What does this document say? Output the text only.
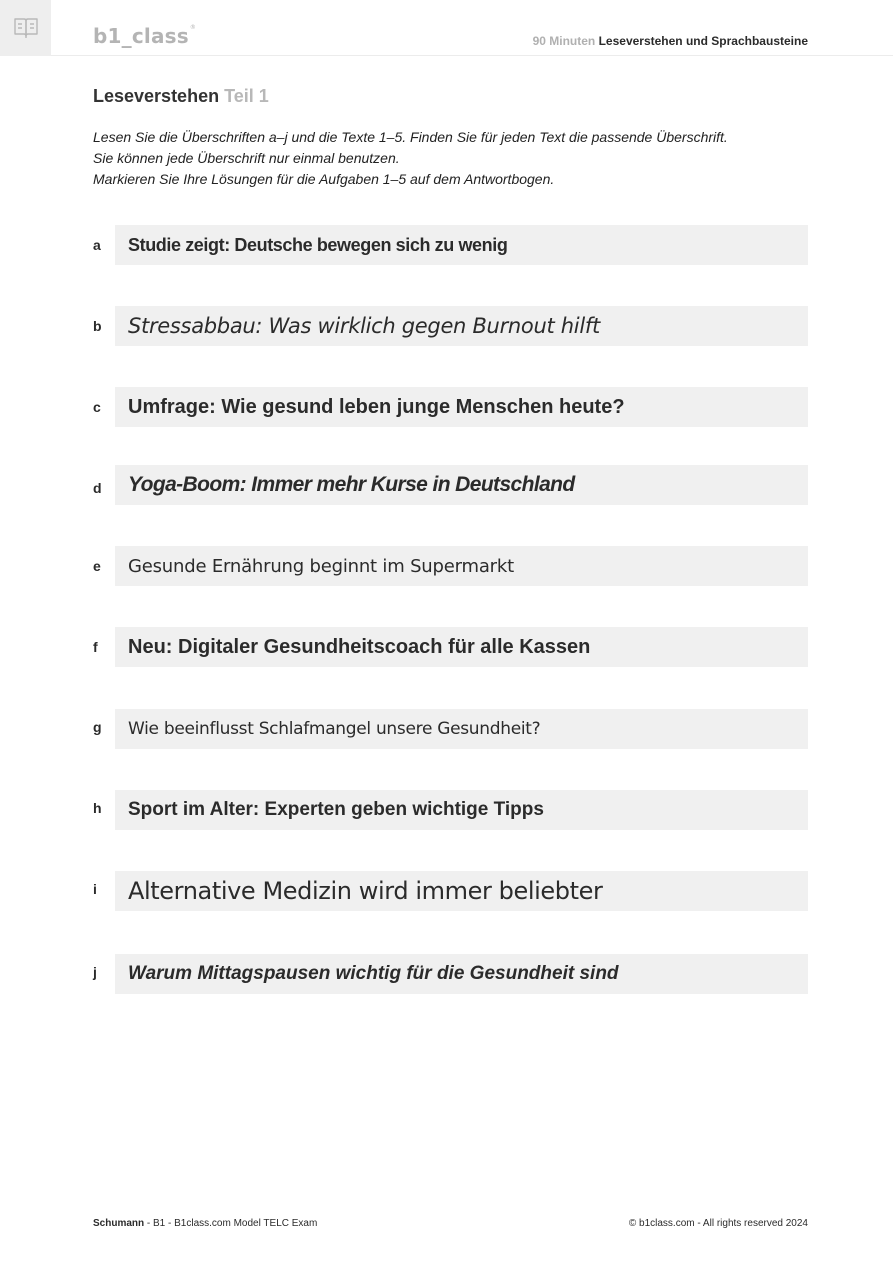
b1_class®
90 Minuten Leseverstehen und Sprachbausteine
Leseverstehen Teil 1
Lesen Sie die Überschriften a–j und die Texte 1–5. Finden Sie für jeden Text die passende Überschrift.
Sie können jede Überschrift nur einmal benutzen.
Markieren Sie Ihre Lösungen für die Aufgaben 1–5 auf dem Antwortbogen.
a	Studie zeigt: Deutsche bewegen sich zu wenig
b	Stressabbau: Was wirklich gegen Burnout hilft
c	Umfrage: Wie gesund leben junge Menschen heute?
d	Yoga-Boom: Immer mehr Kurse in Deutschland
e	Gesunde Ernährung beginnt im Supermarkt
f	Neu: Digitaler Gesundheitscoach für alle Kassen
g	Wie beeinflusst Schlafmangel unsere Gesundheit?
h	Sport im Alter: Experten geben wichtige Tipps
i	Alternative Medizin wird immer beliebter
j	Warum Mittagspausen wichtig für die Gesundheit sind
Schumann - B1 - B1class.com Model TELC Exam	© b1class.com - All rights reserved 2024
